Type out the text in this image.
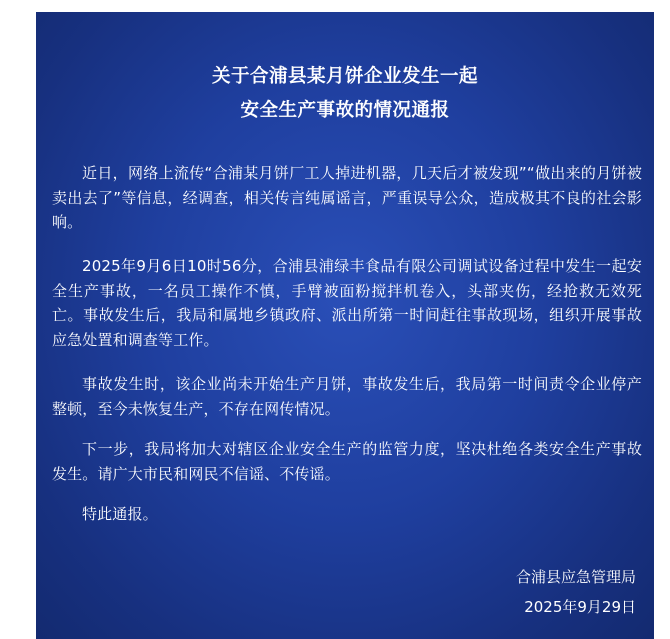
关于合浦县某月饼企业发生一起
安全生产事故的情况通报
近日，网络上流传“合浦某月饼厂工人掉进机器，几天后才被发现”“做出来的月饼被卖出去了”等信息，经调查，相关传言纯属谣言，严重误导公众，造成极其不良的社会影响。
2025年9月6日10时56分，合浦县浦绿丰食品有限公司调试设备过程中发生一起安全生产事故，一名员工操作不慎，手臂被面粉搅拌机卷入，头部夹伤，经抢救无效死亡。事故发生后，我局和属地乡镇政府、派出所第一时间赶往事故现场，组织开展事故应急处置和调查等工作。
事故发生时，该企业尚未开始生产月饼，事故发生后，我局第一时间责令企业停产整顿，至今未恢复生产，不存在网传情况。
下一步，我局将加大对辖区企业安全生产的监管力度，坚决杜绝各类安全生产事故发生。请广大市民和网民不信谣、不传谣。
特此通报。
合浦县应急管理局
2025年9月29日
